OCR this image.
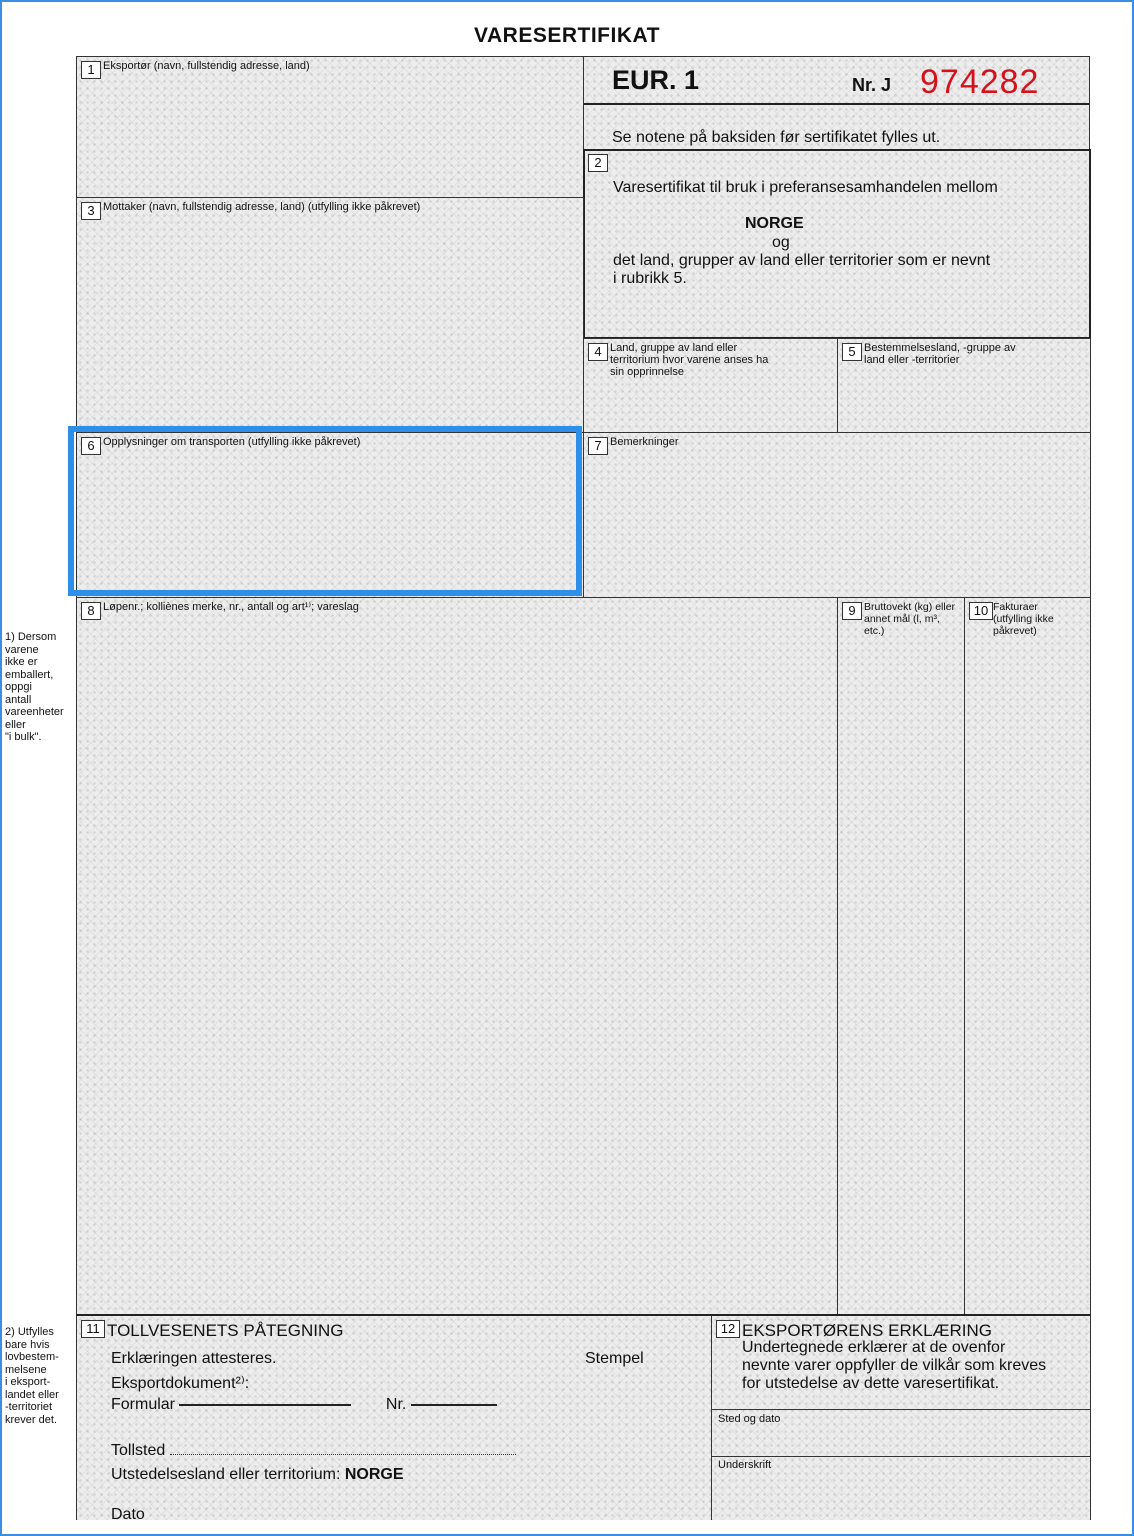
VARESERTIFIKAT
1 Eksportør (navn, fullstendig adresse, land)	EUR. 1	Nr. J 974282
Se notene på baksiden før sertifikatet fylles ut.
2
Varesertifikat til bruk i preferansesamhandelen mellom
NORGE
og
det land, grupper av land eller territorier som er nevnt
i rubrikk 5.
3 Mottaker (navn, fullstendig adresse, land) (utfylling ikke påkrevet)
4 Land, gruppe av land eller territorium hvor varene anses ha sin opprinnelse
5 Bestemmelsesland, -gruppe av land eller -territorier
6 Opplysninger om transporten (utfylling ikke påkrevet)	7 Bemerkninger
8 Løpenr.; kolliènes merke, nr., antall og art¹⁾; vareslag	9 Bruttovekt (kg) eller annet mål (l, m³, etc.)
10 Fakturaer (utfylling ikke påkrevet)
11 TOLLVESENETS PÅTEGNING
Erklæringen attesteres.	Stempel
Eksportdokument²⁾:
Formular	Nr.
Tollsted
Utstedelsesland eller territorium: NORGE
Dato
12 EKSPORTØRENS ERKLÆRING
Undertegnede erklærer at de ovenfor
nevnte varer oppfyller de vilkår som kreves
for utstedelse av dette varesertifikat.
Sted og dato
Underskrift
1) Dersom
varene
ikke er
emballert,
oppgi
antall
vareenheter
eller
"i bulk".
2) Utfylles
bare hvis
lovbestem-
melsene
i eksport-
landet eller
-territoriet
krever det.
